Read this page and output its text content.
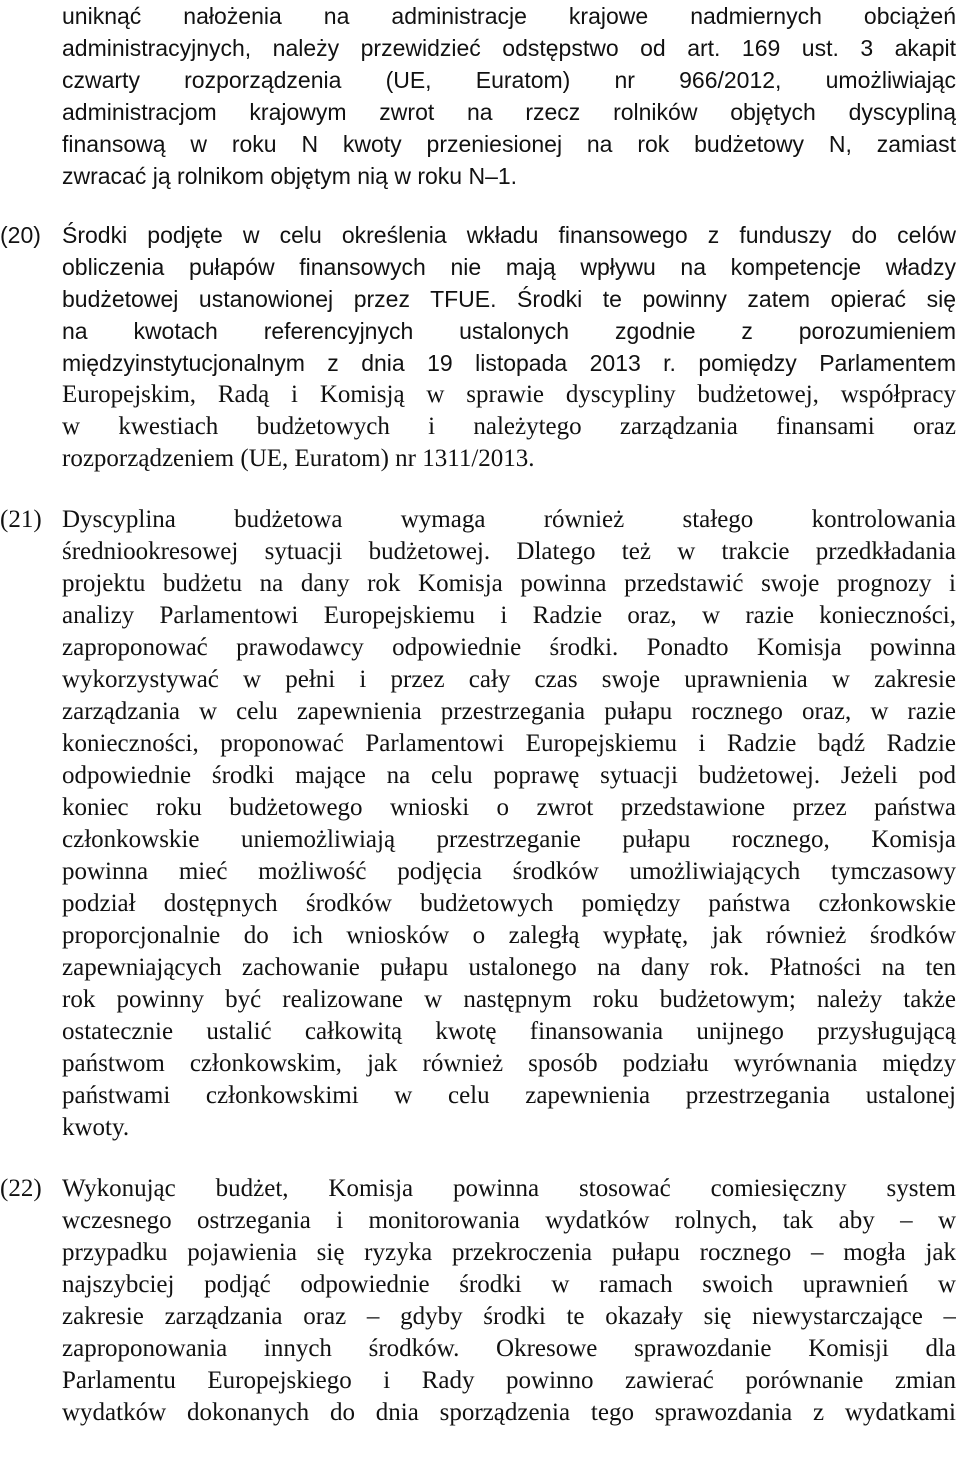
uniknąć nałożenia na administracje krajowe nadmiernych obciążeń
administracyjnych, należy przewidzieć odstępstwo od art. 169 ust. 3 akapit
czwarty rozporządzenia (UE, Euratom) nr 966/2012, umożliwiając
administracjom krajowym zwrot na rzecz rolników objętych dyscypliną
finansową w roku N kwoty przeniesionej na rok budżetowy N, zamiast
zwracać ją rolnikom objętym nią w roku N–1.
(20) Środki podjęte w celu określenia wkładu finansowego z funduszy do celów
obliczenia pułapów finansowych nie mają wpływu na kompetencje władzy
budżetowej ustanowionej przez TFUE. Środki te powinny zatem opierać się
na kwotach referencyjnych ustalonych zgodnie z porozumieniem
międzyinstytucjonalnym z dnia 19 listopada 2013 r. pomiędzy Parlamentem
Europejskim, Radą i Komisją w sprawie dyscypliny budżetowej, współpracy
w kwestiach budżetowych i należytego zarządzania finansami oraz
rozporządzeniem (UE, Euratom) nr 1311/2013.
(21) Dyscyplina budżetowa wymaga również stałego kontrolowania
średniookresowej sytuacji budżetowej. Dlatego też w trakcie przedkładania
projektu budżetu na dany rok Komisja powinna przedstawić swoje prognozy i
analizy Parlamentowi Europejskiemu i Radzie oraz, w razie konieczności,
zaproponować prawodawcy odpowiednie środki. Ponadto Komisja powinna
wykorzystywać w pełni i przez cały czas swoje uprawnienia w zakresie
zarządzania w celu zapewnienia przestrzegania pułapu rocznego oraz, w razie
konieczności, proponować Parlamentowi Europejskiemu i Radzie bądź Radzie
odpowiednie środki mające na celu poprawę sytuacji budżetowej. Jeżeli pod
koniec roku budżetowego wnioski o zwrot przedstawione przez państwa
członkowskie uniemożliwiają przestrzeganie pułapu rocznego, Komisja
powinna mieć możliwość podjęcia środków umożliwiających tymczasowy
podział dostępnych środków budżetowych pomiędzy państwa członkowskie
proporcjonalnie do ich wniosków o zaległą wypłatę, jak również środków
zapewniających zachowanie pułapu ustalonego na dany rok. Płatności na ten
rok powinny być realizowane w następnym roku budżetowym; należy także
ostatecznie ustalić całkowitą kwotę finansowania unijnego przysługującą
państwom członkowskim, jak również sposób podziału wyrównania między
państwami członkowskimi w celu zapewnienia przestrzegania ustalonej
kwoty.
(22) Wykonując budżet, Komisja powinna stosować comiesięczny system
wczesnego ostrzegania i monitorowania wydatków rolnych, tak aby – w
przypadku pojawienia się ryzyka przekroczenia pułapu rocznego – mogła jak
najszybciej podjąć odpowiednie środki w ramach swoich uprawnień w
zakresie zarządzania oraz – gdyby środki te okazały się niewystarczające –
zaproponowania innych środków. Okresowe sprawozdanie Komisji dla
Parlamentu Europejskiego i Rady powinno zawierać porównanie zmian
wydatków dokonanych do dnia sporządzenia tego sprawozdania z wydatkami
